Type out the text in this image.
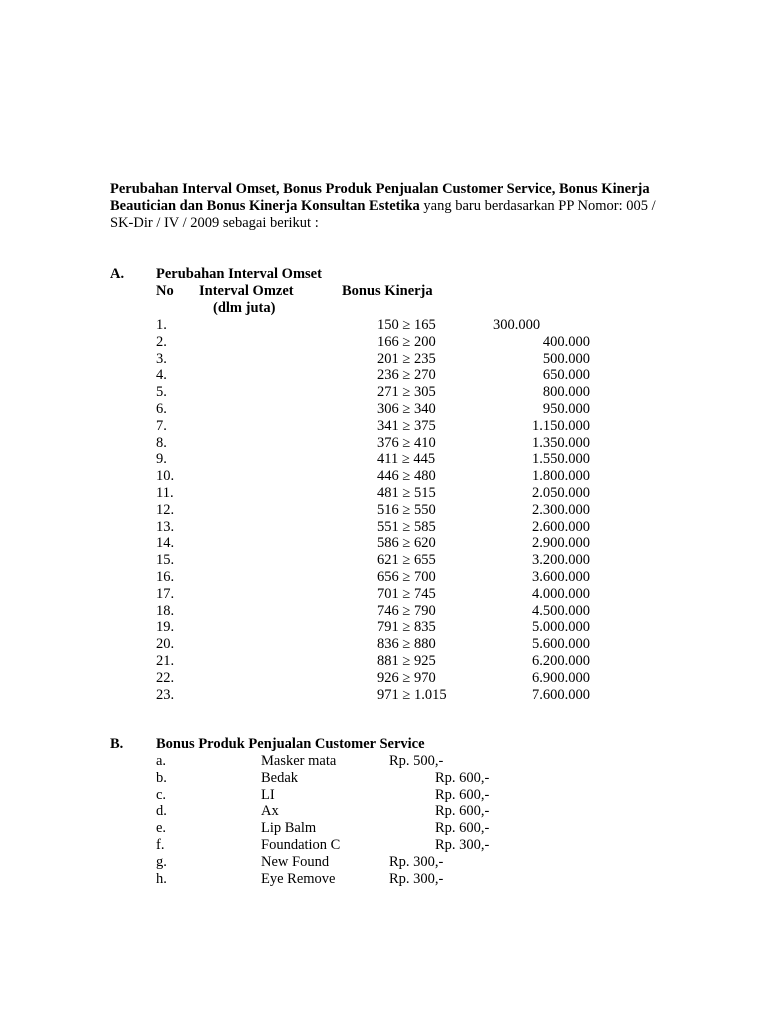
Perubahan Interval Omset, Bonus Produk Penjualan Customer Service, Bonus Kinerja Beautician dan Bonus Kinerja Konsultan Estetika yang baru berdasarkan PP Nomor: 005 / SK-Dir / IV / 2009 sebagai berikut :
A. Perubahan Interval Omset
No Interval Omzet	Bonus Kinerja
(dlm juta)
1.	150 ≥ 165	300.000
2.	166 ≥ 200	400.000
3.	201 ≥ 235	500.000
4.	236 ≥ 270	650.000
5.	271 ≥ 305	800.000
6.	306 ≥ 340	950.000
7.	341 ≥ 375	1.150.000
8.	376 ≥ 410	1.350.000
9.	411 ≥ 445	1.550.000
10.	446 ≥ 480	1.800.000
11.	481 ≥ 515	2.050.000
12.	516 ≥ 550	2.300.000
13.	551 ≥ 585	2.600.000
14.	586 ≥ 620	2.900.000
15.	621 ≥ 655	3.200.000
16.	656 ≥ 700	3.600.000
17.	701 ≥ 745	4.000.000
18.	746 ≥ 790	4.500.000
19.	791 ≥ 835	5.000.000
20.	836 ≥ 880	5.600.000
21.	881 ≥ 925	6.200.000
22.	926 ≥ 970	6.900.000
23.	971 ≥ 1.015	7.600.000
B. Bonus Produk Penjualan Customer Service
a.	Masker mata	Rp. 500,-
b.	Bedak	Rp. 600,-
c.	LI	Rp. 600,-
d.	Ax	Rp. 600,-
e.	Lip Balm	Rp. 600,-
f.	Foundation C	Rp. 300,-
g.	New Found	Rp. 300,-
h.	Eye Remove	Rp. 300,-
